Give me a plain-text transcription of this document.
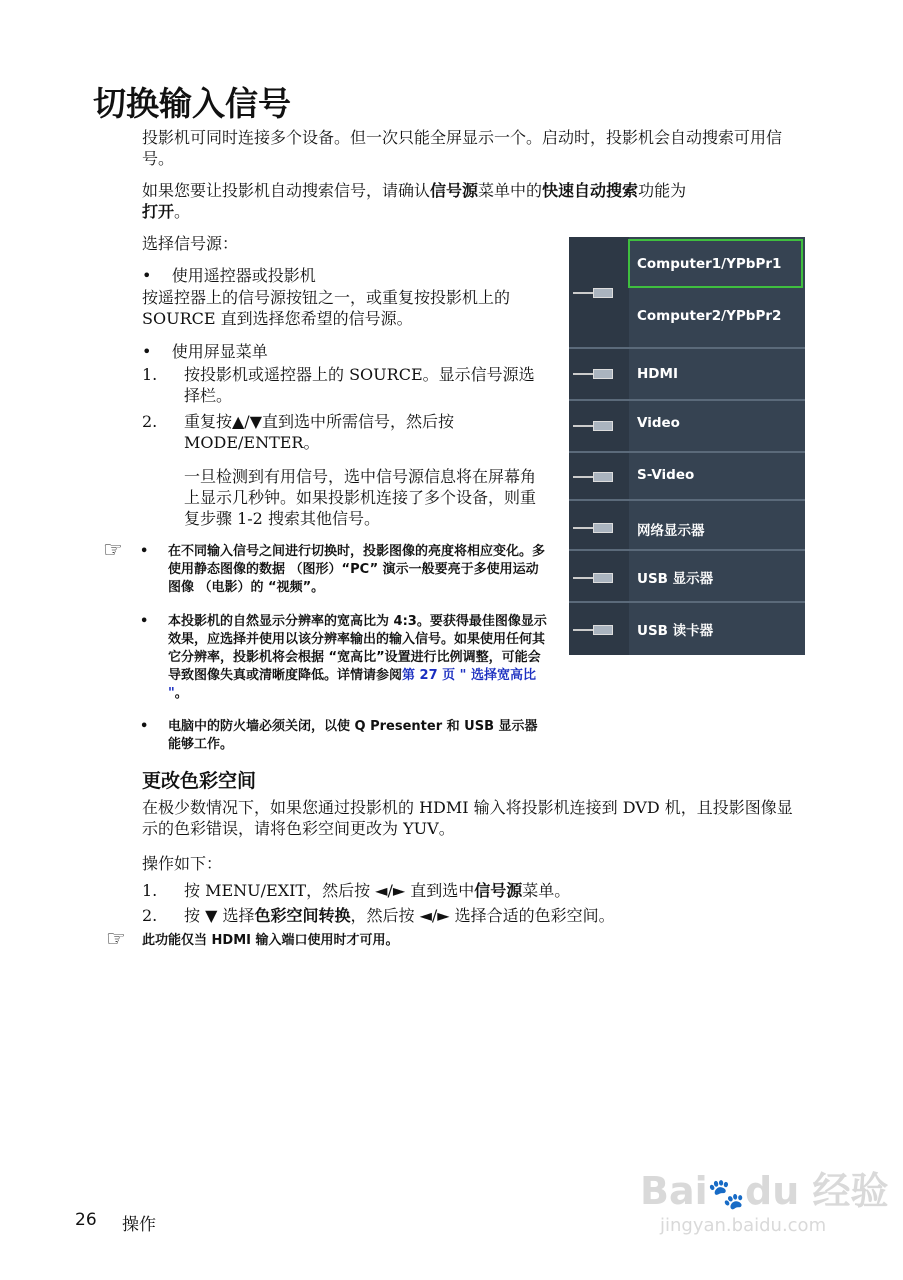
切换输入信号
投影机可同时连接多个设备。但一次只能全屏显示一个。启动时，投影机会自动搜索可用信号。
如果您要让投影机自动搜索信号，请确认信号源菜单中的快速自动搜索功能为
打开。
选择信号源：
•    使用遥控器或投影机
按遥控器上的信号源按钮之一，或重复按投影机上的 SOURCE 直到选择您希望的信号源。
•    使用屏显菜单
1. 按投影机或遥控器上的 SOURCE。显示信号源选择栏。
2. 重复按▲/▼直到选中所需信号，然后按 MODE/ENTER。
一旦检测到有用信号，选中信号源信息将在屏幕角上显示几秒钟。如果投影机连接了多个设备，则重复步骤 1-2 搜索其他信号。
☞ • 在不同输入信号之间进行切换时，投影图像的亮度将相应变化。多使用静态图像的数据 （图形）“PC” 演示一般要亮于多使用运动图像 （电影）的 “视频”。
• 本投影机的自然显示分辨率的宽高比为 4:3。要获得最佳图像显示效果，应选择并使用以该分辨率输出的输入信号。如果使用任何其它分辨率，投影机将会根据 “宽高比”设置进行比例调整，可能会导致图像失真或清晰度降低。详情请参阅第 27 页 " 选择宽高比 "。
• 电脑中的防火墙必须关闭，以使 Q Presenter 和 USB 显示器能够工作。
Computer1/YPbPr1
Computer2/YPbPr2
HDMI
Video
S-Video
网络显示器
USB 显示器
USB 读卡器
更改色彩空间
在极少数情况下，如果您通过投影机的 HDMI 输入将投影机连接到 DVD 机，且投影图像显示的色彩错误，请将色彩空间更改为 YUV。
操作如下：
1. 按 MENU/EXIT，然后按 ◄/► 直到选中信号源菜单。
2. 按 ▼ 选择色彩空间转换，然后按 ◄/► 选择合适的色彩空间。
☞ 此功能仅当 HDMI 输入端口使用时才可用。
Bai🐾du 经验
jingyan.baidu.com
26 操作
